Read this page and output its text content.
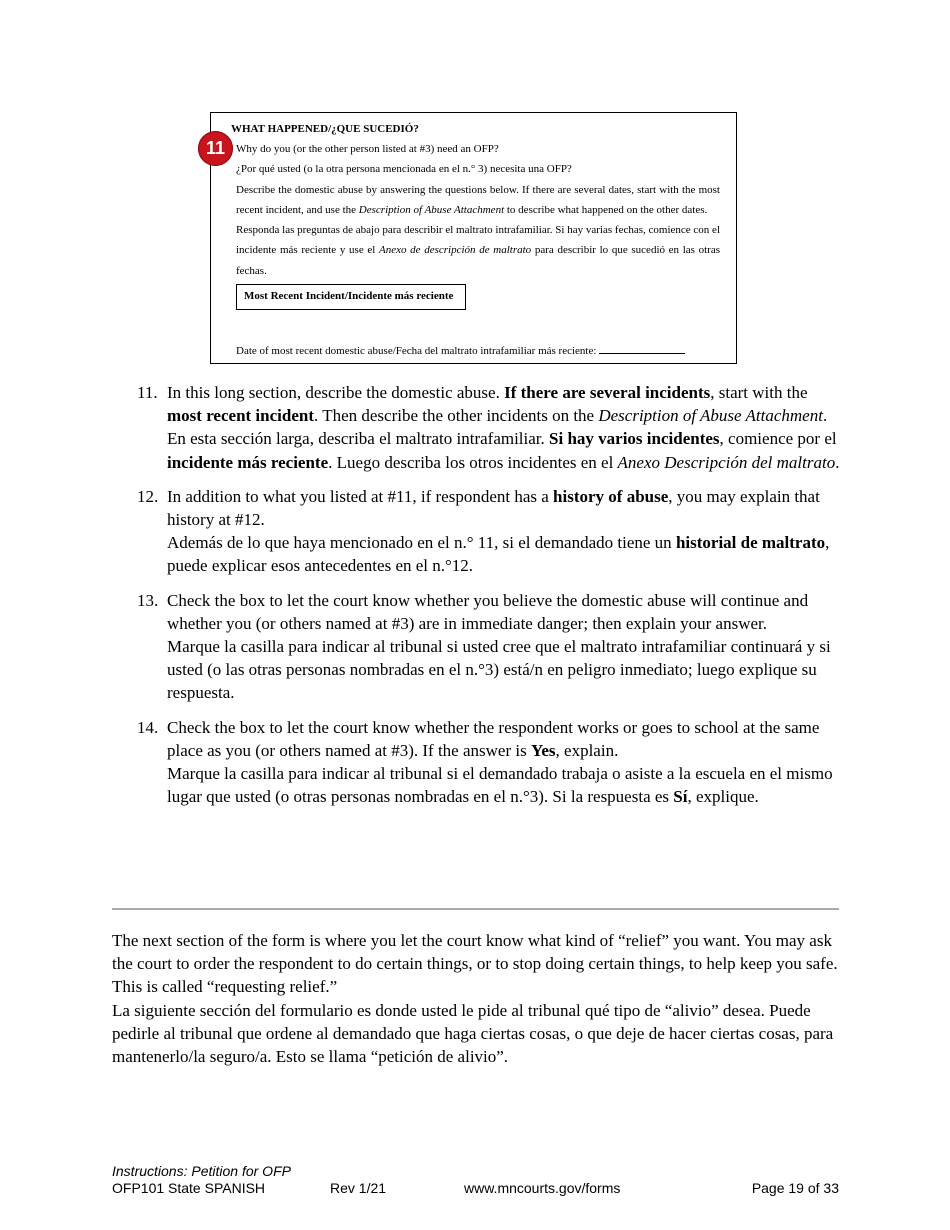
WHAT HAPPENED/¿QUE SUCEDIÓ?

Why do you (or the other person listed at #3) need an OFP?

¿Por qué usted (o la otra persona mencionada en el n.° 3) necesita una OFP?

Describe the domestic abuse by answering the questions below. If there are several dates, start with the most recent incident, and use the Description of Abuse Attachment to describe what happened on the other dates.

Responda las preguntas de abajo para describir el maltrato intrafamiliar. Si hay varias fechas, comience con el incidente más reciente y use el Anexo de descripción de maltrato para describir lo que sucedió en las otras fechas.

Most Recent Incident/Incidente más reciente
Date of most recent domestic abuse/Fecha del maltrato intrafamiliar más reciente:
11
11. In this long section, describe the domestic abuse. If there are several incidents, start with the most recent incident. Then describe the other incidents on the Description of Abuse Attachment.

En esta sección larga, describa el maltrato intrafamiliar. Si hay varios incidentes, comience por el incidente más reciente. Luego describa los otros incidentes en el Anexo Descripción del maltrato.

12. In addition to what you listed at #11, if respondent has a history of abuse, you may explain that history at #12.

Además de lo que haya mencionado en el n.° 11, si el demandado tiene un historial de maltrato, puede explicar esos antecedentes en el n.°12.

13. Check the box to let the court know whether you believe the domestic abuse will continue and whether you (or others named at #3) are in immediate danger; then explain your answer.

Marque la casilla para indicar al tribunal si usted cree que el maltrato intrafamiliar continuará y si usted (o las otras personas nombradas en el n.°3) está/n en peligro inmediato; luego explique su respuesta.

14. Check the box to let the court know whether the respondent works or goes to school at the same place as you (or others named at #3). If the answer is Yes, explain.

Marque la casilla para indicar al tribunal si el demandado trabaja o asiste a la escuela en el mismo lugar que usted (o otras personas nombradas en el n.°3). Si la respuesta es Sí, explique.

The next section of the form is where you let the court know what kind of “relief” you want. You may ask the court to order the respondent to do certain things, or to stop doing certain things, to help keep you safe. This is called “requesting relief.”

La siguiente sección del formulario es donde usted le pide al tribunal qué tipo de “alivio” desea. Puede pedirle al tribunal que ordene al demandado que haga ciertas cosas, o que deje de hacer ciertas cosas, para mantenerlo/la seguro/a. Esto se llama “petición de alivio”.

Instructions: Petition for OFP
OFP101 State SPANISH	Rev 1/21	www.mncourts.gov/forms	Page 19 of 33
